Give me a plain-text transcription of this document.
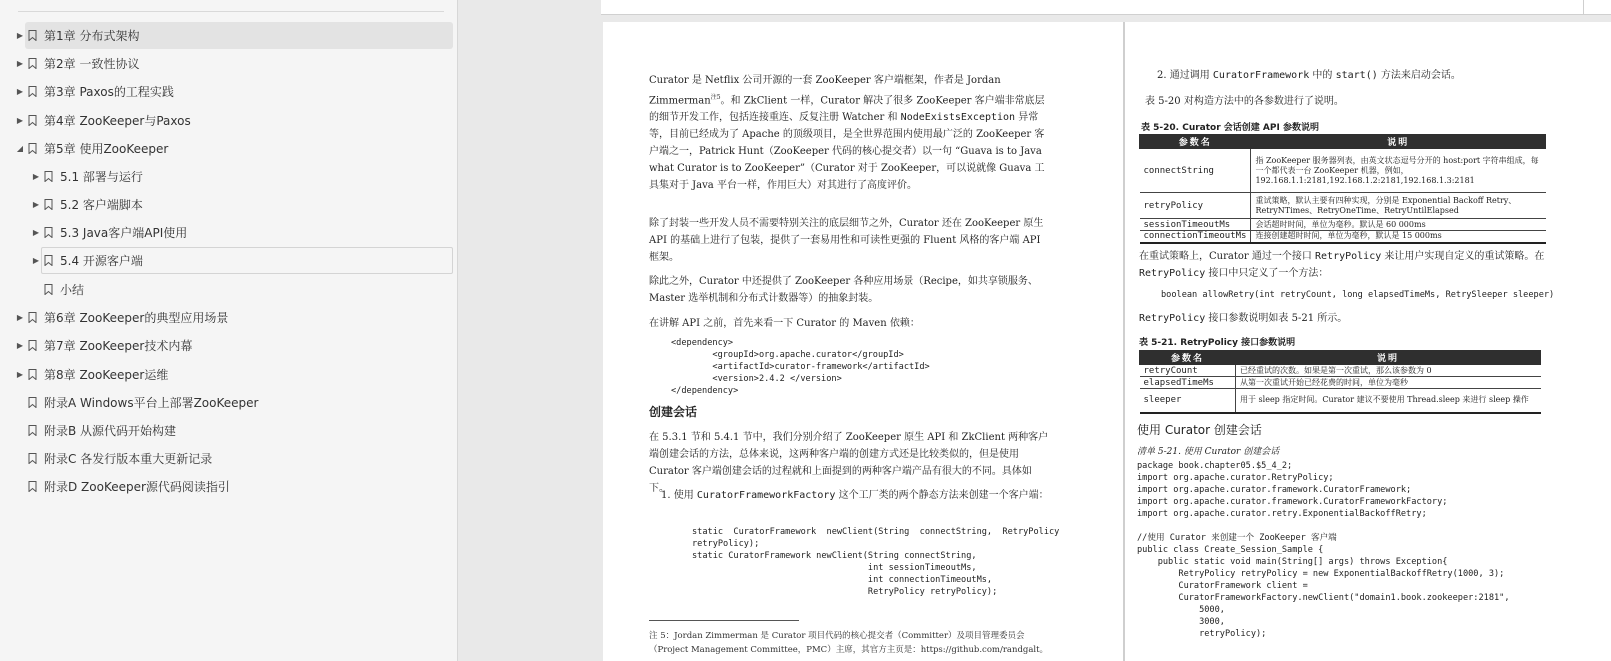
▶ 第1章 分布式架构
▶ 第2章 一致性协议
▶ 第3章 Paxos的工程实践
▶ 第4章 ZooKeeper与Paxos
◢ 第5章 使用ZooKeeper
▶ 5.1 部署与运行
▶ 5.2 客户端脚本
▶ 5.3 Java客户端API使用
▶ 5.4 开源客户端
小结
▶ 第6章 ZooKeeper的典型应用场景
▶ 第7章 ZooKeeper技术内幕
▶ 第8章 ZooKeeper运维
附录A Windows平台上部署ZooKeeper
附录B 从源代码开始构建
附录C 各发行版本重大更新记录
附录D ZooKeeper源代码阅读指引
Curator 是 Netflix 公司开源的一套 ZooKeeper 客户端框架，作者是 Jordan Zimmerman$^{注5}$。和 ZkClient 一样，Curator 解决了很多 ZooKeeper 客户端非常底层的细节开发工作，包括连接重连、反复注册 Watcher 和 NodeExistsException 异常等，目前已经成为了 Apache 的顶级项目，是全世界范围内使用最广泛的 ZooKeeper 客户端之一，Patrick Hunt（ZooKeeper 代码的核心提交者）以一句 “Guava is to Java what Curator is to ZooKeeper”（Curator 对于 ZooKeeper，可以说就像 Guava 工具集对于 Java 平台一样，作用巨大）对其进行了高度评价。
除了封装一些开发人员不需要特别关注的底层细节之外，Curator 还在 ZooKeeper 原生 API 的基础上进行了包装，提供了一套易用性和可读性更强的 Fluent 风格的客户端 API 框架。
除此之外，Curator 中还提供了 ZooKeeper 各种应用场景（Recipe，如共享锁服务、Master 选举机制和分布式计数器等）的抽象封装。
在讲解 API 之前，首先来看一下 Curator 的 Maven 依赖：
<dependency>
<groupId>org.apache.curator</groupId>
<artifactId>curator-framework</artifactId>
<version>2.4.2 </version>
</dependency>
创建会话
在 5.3.1 节和 5.4.1 节中，我们分别介绍了 ZooKeeper 原生 API 和 ZkClient 两种客户端创建会话的方法，总体来说，这两种客户端的创建方式还是比较类似的，但是使用 Curator 客户端创建会话的过程就和上面提到的两种客户端产品有很大的不同。具体如下。
1. 使用 CuratorFrameworkFactory 这个工厂类的两个静态方法来创建一个客户端：
static  CuratorFramework  newClient(String  connectString,  RetryPolicy
retryPolicy);
static CuratorFramework newClient(String connectString,
int sessionTimeoutMs,
int connectionTimeoutMs,
RetryPolicy retryPolicy);
注 5：Jordan Zimmerman 是 Curator 项目代码的核心提交者（Committer）及项目管理委员会（Project Management Committee，PMC）主席，其官方主页是：https://github.com/randgalt。
2. 通过调用 CuratorFramework 中的 start() 方法来启动会话。
表 5-20 对构造方法中的各参数进行了说明。
表 5-20. Curator 会话创建 API 参数说明
参数名	说明
connectString	指 ZooKeeper 服务器列表，由英文状态逗号分开的 host:port 字符串组成，每一个都代表一台 ZooKeeper 机器，例如，192.168.1.1:2181,192.168.1.2:2181,192.168.1.3:2181
retryPolicy	重试策略，默认主要有四种实现，分别是 Exponential Backoff Retry、RetryNTimes、RetryOneTime、RetryUntilElapsed
sessionTimeoutMs	会话超时时间，单位为毫秒。默认是 60 000ms
connectionTimeoutMs	连接创建超时时间，单位为毫秒，默认是 15 000ms
在重试策略上，Curator 通过一个接口 RetryPolicy 来让用户实现自定义的重试策略。在 RetryPolicy 接口中只定义了一个方法：
boolean allowRetry(int retryCount, long elapsedTimeMs, RetrySleeper sleeper)
RetryPolicy 接口参数说明如表 5-21 所示。
表 5-21. RetryPolicy 接口参数说明
参数名	说明
retryCount	已经重试的次数。如果是第一次重试，那么该参数为 0
elapsedTimeMs	从第一次重试开始已经花费的时间，单位为毫秒
sleeper	用于 sleep 指定时间。Curator 建议不要使用 Thread.sleep 来进行 sleep 操作
使用 Curator 创建会话
清单 5-21. 使用 Curator 创建会话
package book.chapter05.$5_4_2;
import org.apache.curator.RetryPolicy;
import org.apache.curator.framework.CuratorFramework;
import org.apache.curator.framework.CuratorFrameworkFactory;
import org.apache.curator.retry.ExponentialBackoffRetry;

//使用 Curator 来创建一个 ZooKeeper 客户端
public class Create_Session_Sample {
public static void main(String[] args) throws Exception{
RetryPolicy retryPolicy = new ExponentialBackoffRetry(1000, 3);
CuratorFramework client =
CuratorFrameworkFactory.newClient("domain1.book.zookeeper:2181",
5000,
3000,
retryPolicy);
